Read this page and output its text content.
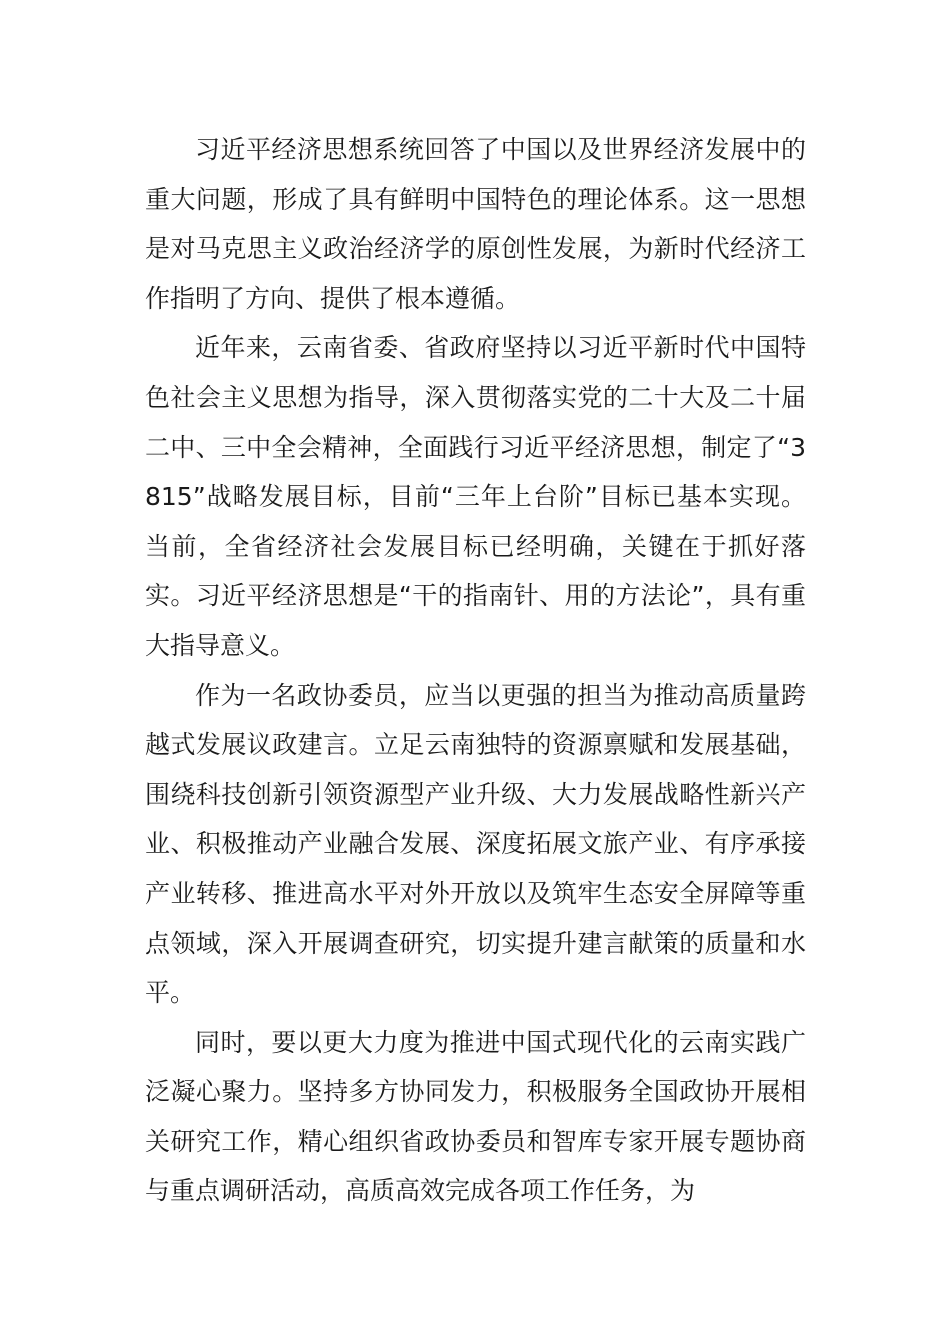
习近平经济思想系统回答了中国以及世界经济发展中的重大问题，形成了具有鲜明中国特色的理论体系。这一思想是对马克思主义政治经济学的原创性发展，为新时代经济工作指明了方向、提供了根本遵循。

近年来，云南省委、省政府坚持以习近平新时代中国特色社会主义思想为指导，深入贯彻落实党的二十大及二十届二中、三中全会精神，全面践行习近平经济思想，制定了“3815”战略发展目标，目前“三年上台阶”目标已基本实现。当前，全省经济社会发展目标已经明确，关键在于抓好落实。习近平经济思想是“干的指南针、用的方法论”，具有重大指导意义。

作为一名政协委员，应当以更强的担当为推动高质量跨越式发展议政建言。立足云南独特的资源禀赋和发展基础，围绕科技创新引领资源型产业升级、大力发展战略性新兴产业、积极推动产业融合发展、深度拓展文旅产业、有序承接产业转移、推进高水平对外开放以及筑牢生态安全屏障等重点领域，深入开展调查研究，切实提升建言献策的质量和水平。

同时，要以更大力度为推进中国式现代化的云南实践广泛凝心聚力。坚持多方协同发力，积极服务全国政协开展相关研究工作，精心组织省政协委员和智库专家开展专题协商与重点调研活动，高质高效完成各项工作任务，为
